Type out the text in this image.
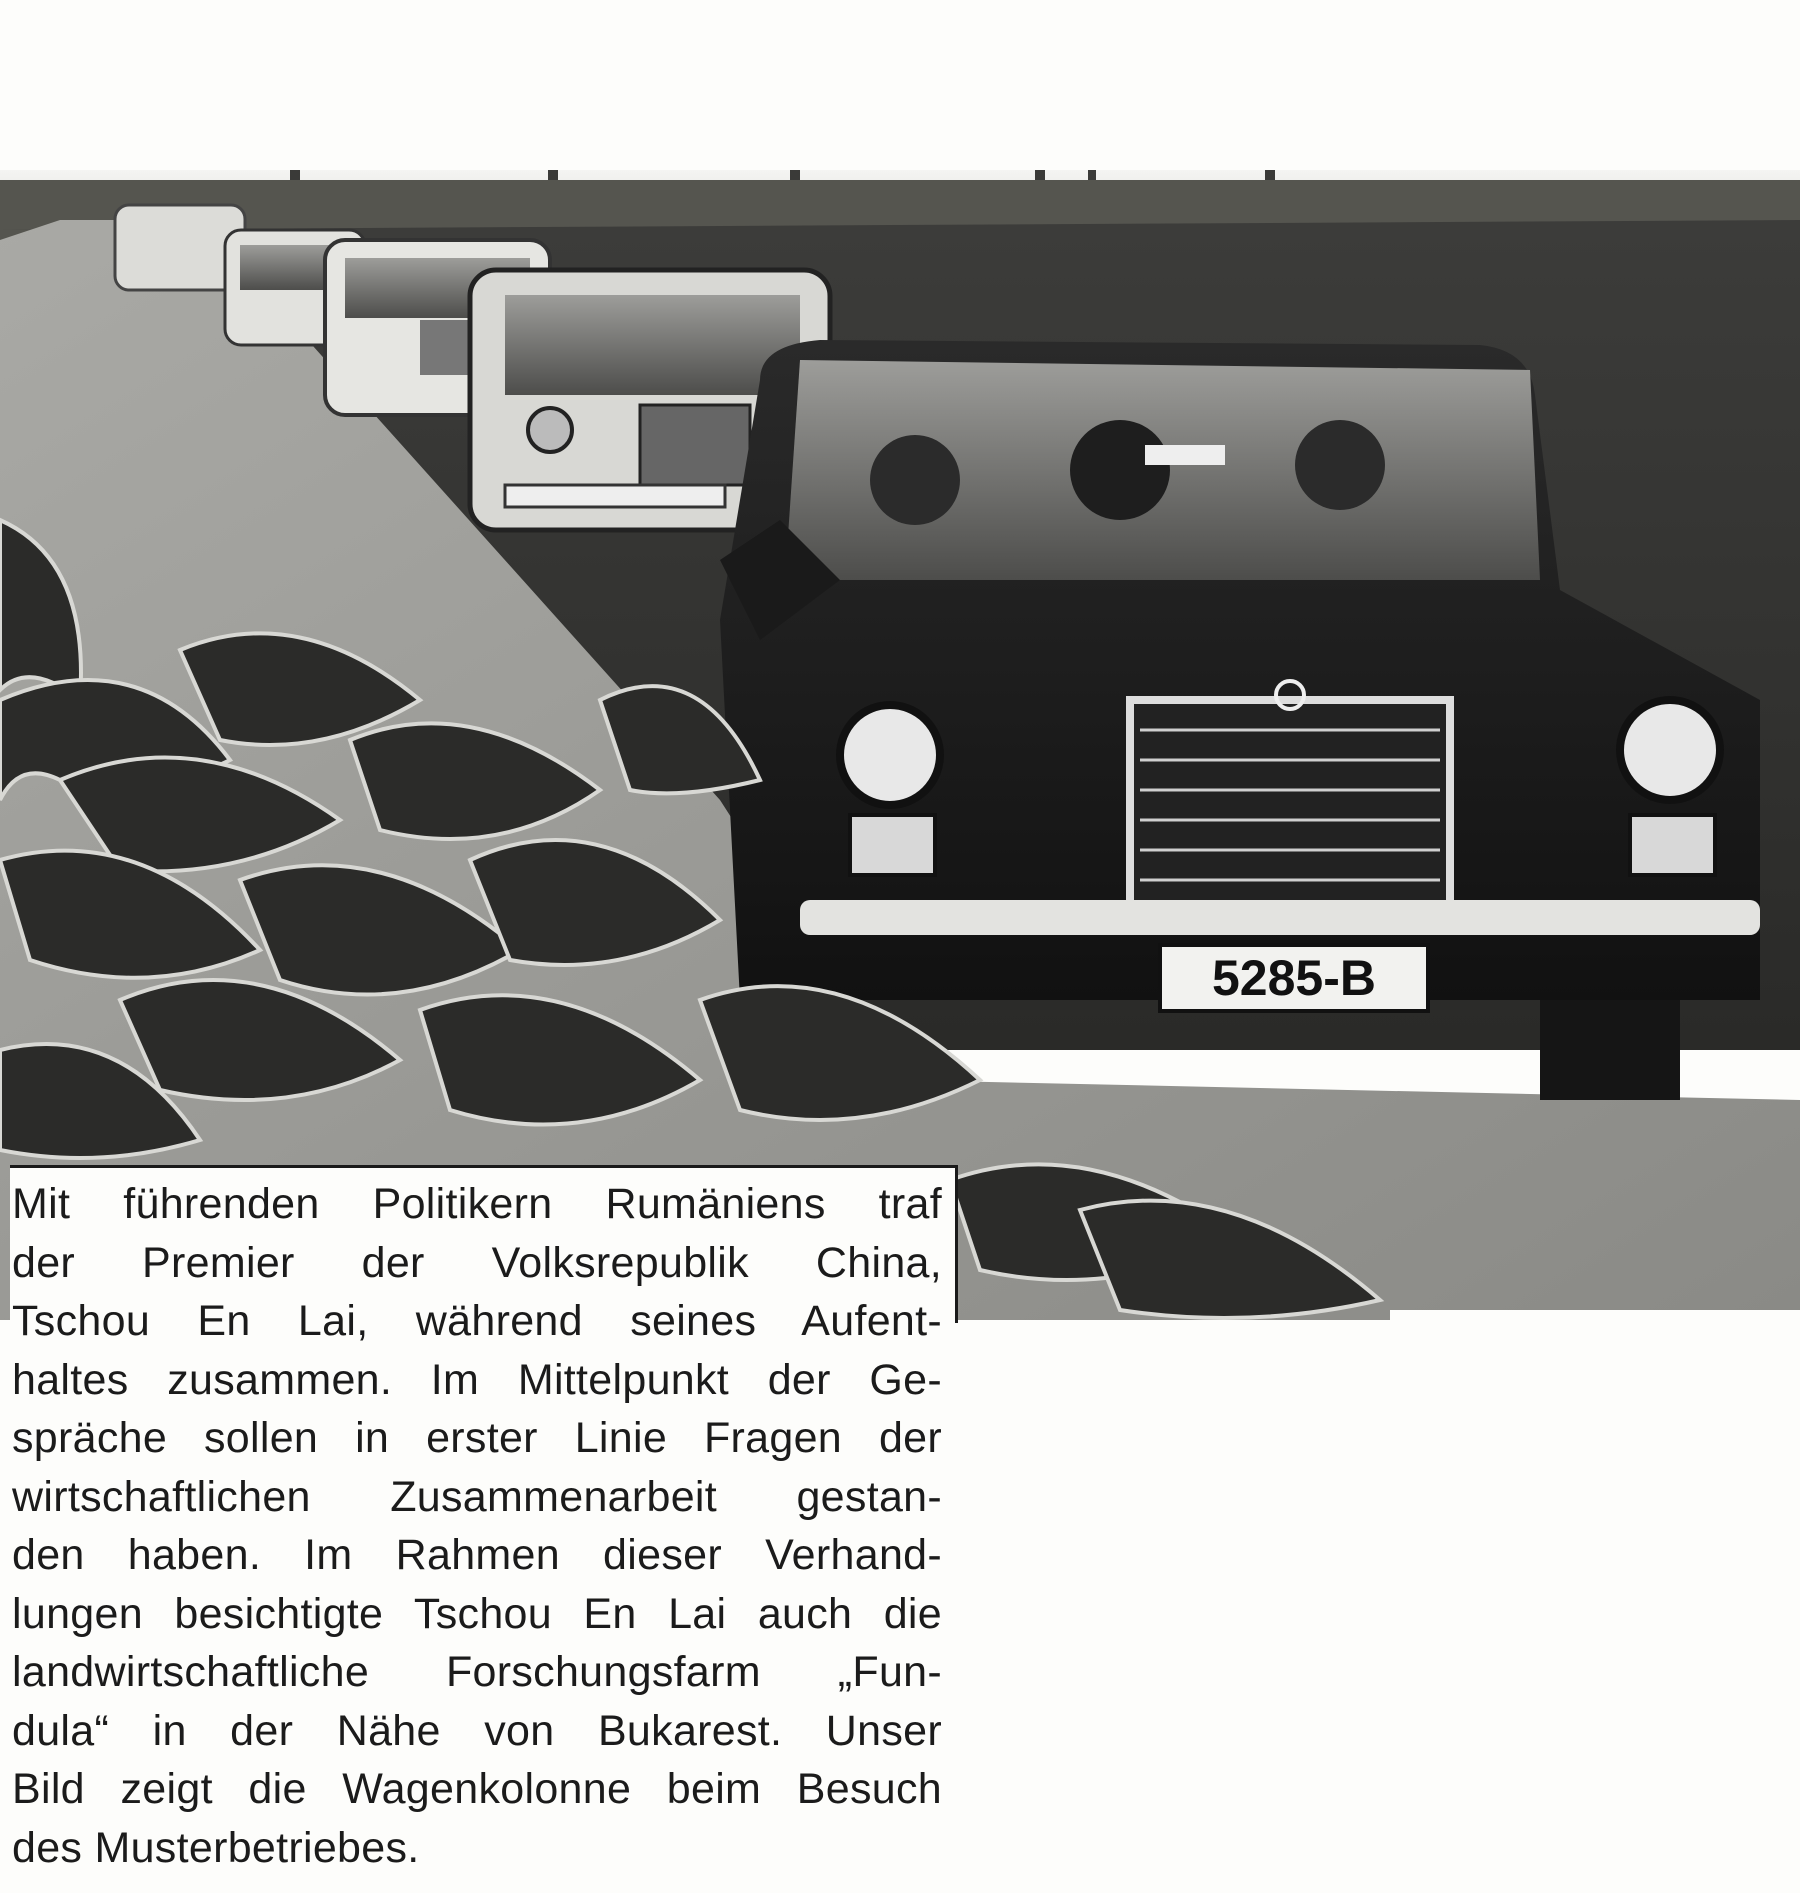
5285-B
Mit führenden Politikern Rumäniens traf
der Premier der Volksrepublik China,
Tschou En Lai, während seines Aufent-
haltes zusammen. Im Mittelpunkt der Ge-
spräche sollen in erster Linie Fragen der
wirtschaftlichen Zusammenarbeit gestan-
den haben. Im Rahmen dieser Verhand-
lungen besichtigte Tschou En Lai auch die
landwirtschaftliche Forschungsfarm „Fun-
dula“ in der Nähe von Bukarest. Unser
Bild zeigt die Wagenkolonne beim Besuch
des Musterbetriebes.
